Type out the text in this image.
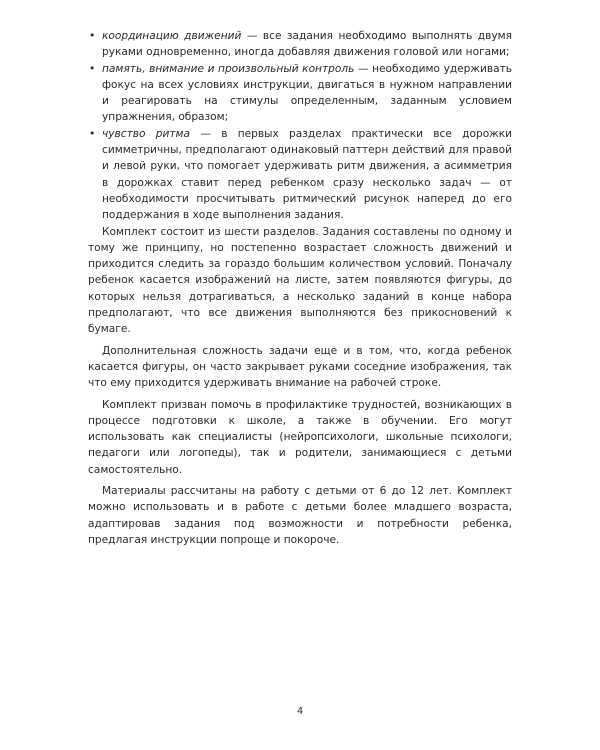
• координацию движений — все задания необходимо выполнять двумя руками одновременно, иногда добавляя движения головой или ногами;
• память, внимание и произвольный контроль — необходимо удерживать фокус на всех условиях инструкции, двигаться в нужном направлении и реагировать на стимулы определенным, заданным условием упражнения, образом;
• чувство ритма — в первых разделах практически все дорожки симметричны, предполагают одинаковый паттерн действий для правой и левой руки, что помогает удерживать ритм движения, а асимметрия в дорожках ставит перед ребенком сразу несколько задач — от необходимости просчитывать ритмический рисунок наперед до его поддержания в ходе выполнения задания.

Комплект состоит из шести разделов. Задания составлены по одному и тому же принципу, но постепенно возрастает сложность движений и приходится следить за гораздо большим количеством условий. Поначалу ребенок касается изображений на листе, затем появляются фигуры, до которых нельзя дотрагиваться, а несколько заданий в конце набора предполагают, что все движения выполняются без прикосновений к бумаге.

Дополнительная сложность задачи еще и в том, что, когда ребенок касается фигуры, он часто закрывает руками соседние изображения, так что ему приходится удерживать внимание на рабочей строке.

Комплект призван помочь в профилактике трудностей, возникающих в процессе подготовки к школе, а также в обучении. Его могут использовать как специалисты (нейропсихологи, школьные психологи, педагоги или логопеды), так и родители, занимающиеся с детьми самостоятельно.

Материалы рассчитаны на работу с детьми от 6 до 12 лет. Комплект можно использовать и в работе с детьми более младшего возраста, адаптировав задания под возможности и потребности ребенка, предлагая инструкции попроще и покороче.

4
